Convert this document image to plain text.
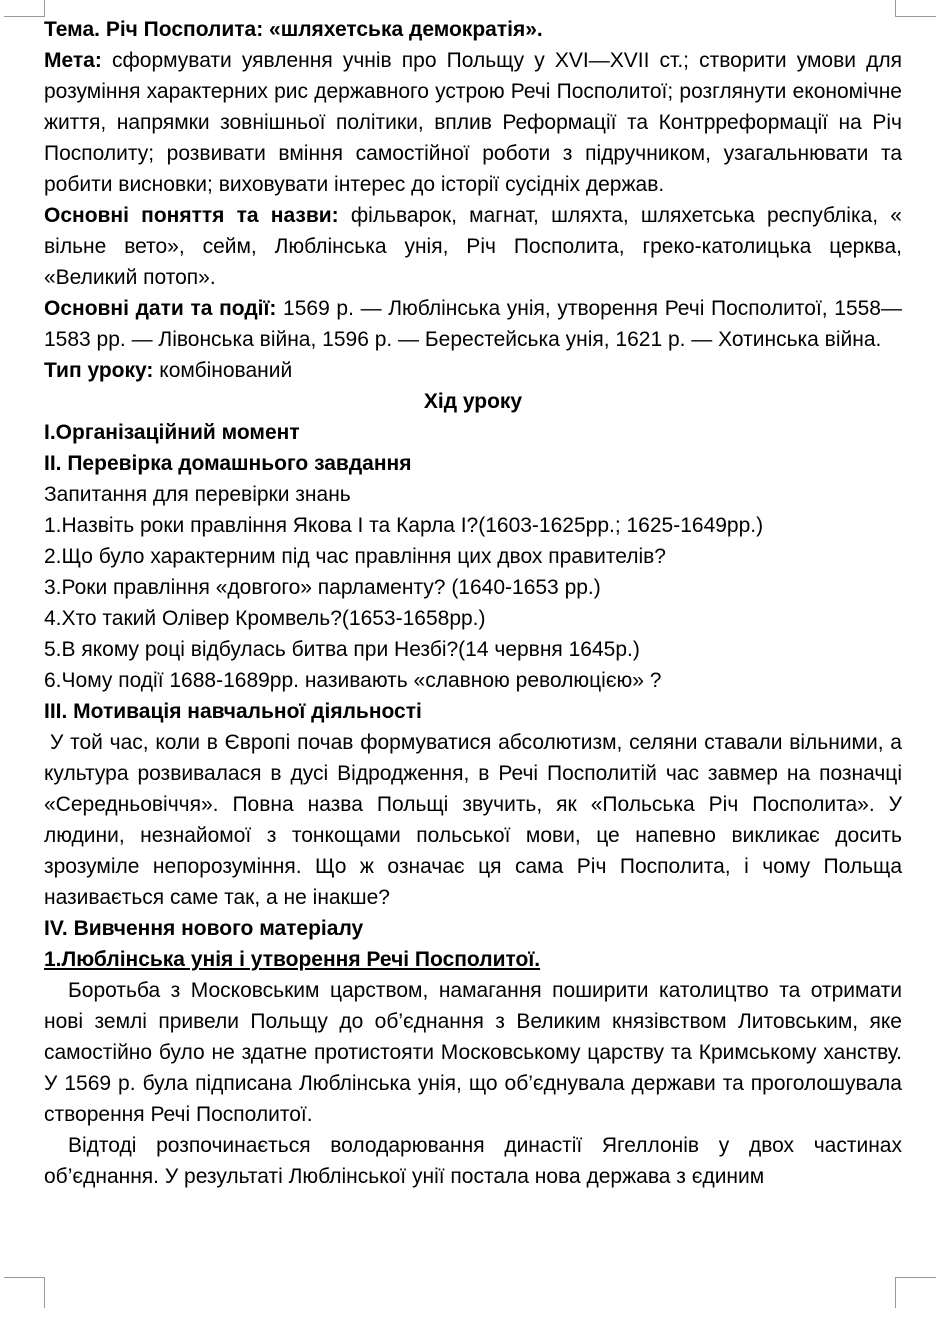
Тема. Річ Посполита: «шляхетська демократія».

Мета: сформувати уявлення учнів про Польщу у XVI—XVII ст.; створити умови для розуміння характерних рис державного устрою Речі Посполитої; розглянути економічне життя, напрямки зовнішньої політики, вплив Реформації та Контрреформації на Річ Посполиту; розвивати вміння самостійної роботи з підручником, узагальнювати та робити висновки; виховувати інтерес до історії сусідніх держав.

Основні поняття та назви: фільварок, магнат, шляхта, шляхетська республіка, « вільне вето», сейм, Люблінська унія, Річ Посполита, греко-католицька церква, «Великий потоп».

Основні дати та події: 1569 р. — Люблінська унія, утворення Речі Посполитої, 1558—1583 рр. — Лівонська війна, 1596 р. — Берестейська унія, 1621 р. — Хотинська війна.

Тип уроку: комбінований

Хід уроку

І.Організаційний момент

ІІ. Перевірка домашнього завдання

Запитання для перевірки знань

1.Назвіть роки правління Якова І та Карла І?(1603-1625рр.; 1625-1649рр.)

2.Що було характерним під час правління цих двох правителів?

3.Роки правління «довгого» парламенту? (1640-1653 рр.)

4.Хто такий Олівер Кромвель?(1653-1658рр.)

5.В якому році відбулась битва при Незбі?(14 червня 1645р.)

6.Чому події 1688-1689рр. називають «славною революцією» ?

ІІІ. Мотивація навчальної діяльності

У той час, коли в Європі почав формуватися абсолютизм, селяни ставали вільними, а культура розвивалася в дусі Відродження, в Речі Посполитій час завмер на позначці «Середньовіччя». Повна назва Польщі звучить, як «Польська Річ Посполита». У людини, незнайомої з тонкощами польської мови, це напевно викликає досить зрозуміле непорозуміння. Що ж означає ця сама Річ Посполита, і чому Польща називається саме так, а не інакше?

IV. Вивчення нового матеріалу

1.Люблінська унія і утворення Речі Посполитої.

Боротьба з Московським царством, намагання поширити католицтво та отримати нові землі привели Польщу до об’єднання з Великим князівством Литовським, яке самостійно було не здатне протистояти Московському царству та Кримському ханству. У 1569 р. була підписана Люблінська унія, що об’єднувала держави та проголошувала створення Речі Посполитої.

Відтоді розпочинається володарювання династії Ягеллонів у двох частинах об’єднання. У результаті Люблінської унії постала нова держава з єдиним
